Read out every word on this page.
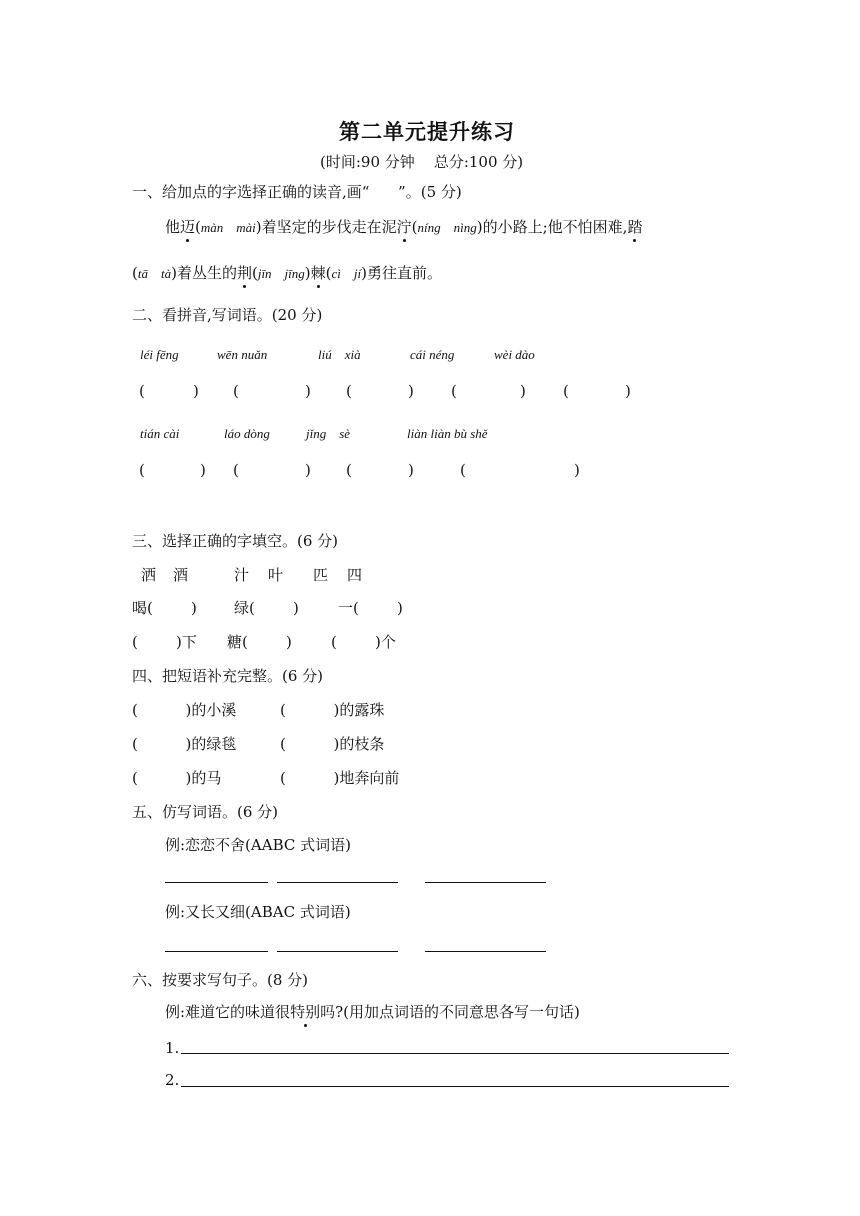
第二单元提升练习
(时间:90 分钟    总分:100 分)
一、给加点的字选择正确的读音,画“      ”。(5 分)
他迈(màn    mài)着坚定的步伐走在泥泞(níng    nìng)的小路上;他不怕困难,踏
(tā    tà)着丛生的荆(jīn    jīng)棘(cì    jí)勇往直前。
二、看拼音,写词语。(20 分)
léi fēng	wēn nuǎn	liú    xià	cái néng	wèi dào
(	) (	) (	) (	) (	)
tián cài	láo dòng	jǐng    sè	liàn liàn bù shě
(	) (	) (	)	(	)
三、选择正确的字填空。(6 分)
洒 酒	汁 叶 匹 四
喝(        ) 绿(        )	一(        )
(        )下 糖(        )	(        )个
四、把短语补充完整。(6 分)
(          )的小溪	(          )的露珠
(          )的绿毯	(          )的枝条
(          )的马	(          )地奔向前
五、仿写词语。(6 分)
例:恋恋不舍(AABC 式词语)
例:又长又细(ABAC 式词语)
六、按要求写句子。(8 分)
例:难道它的味道很特别吗?(用加点词语的不同意思各写一句话)
1.
2.
